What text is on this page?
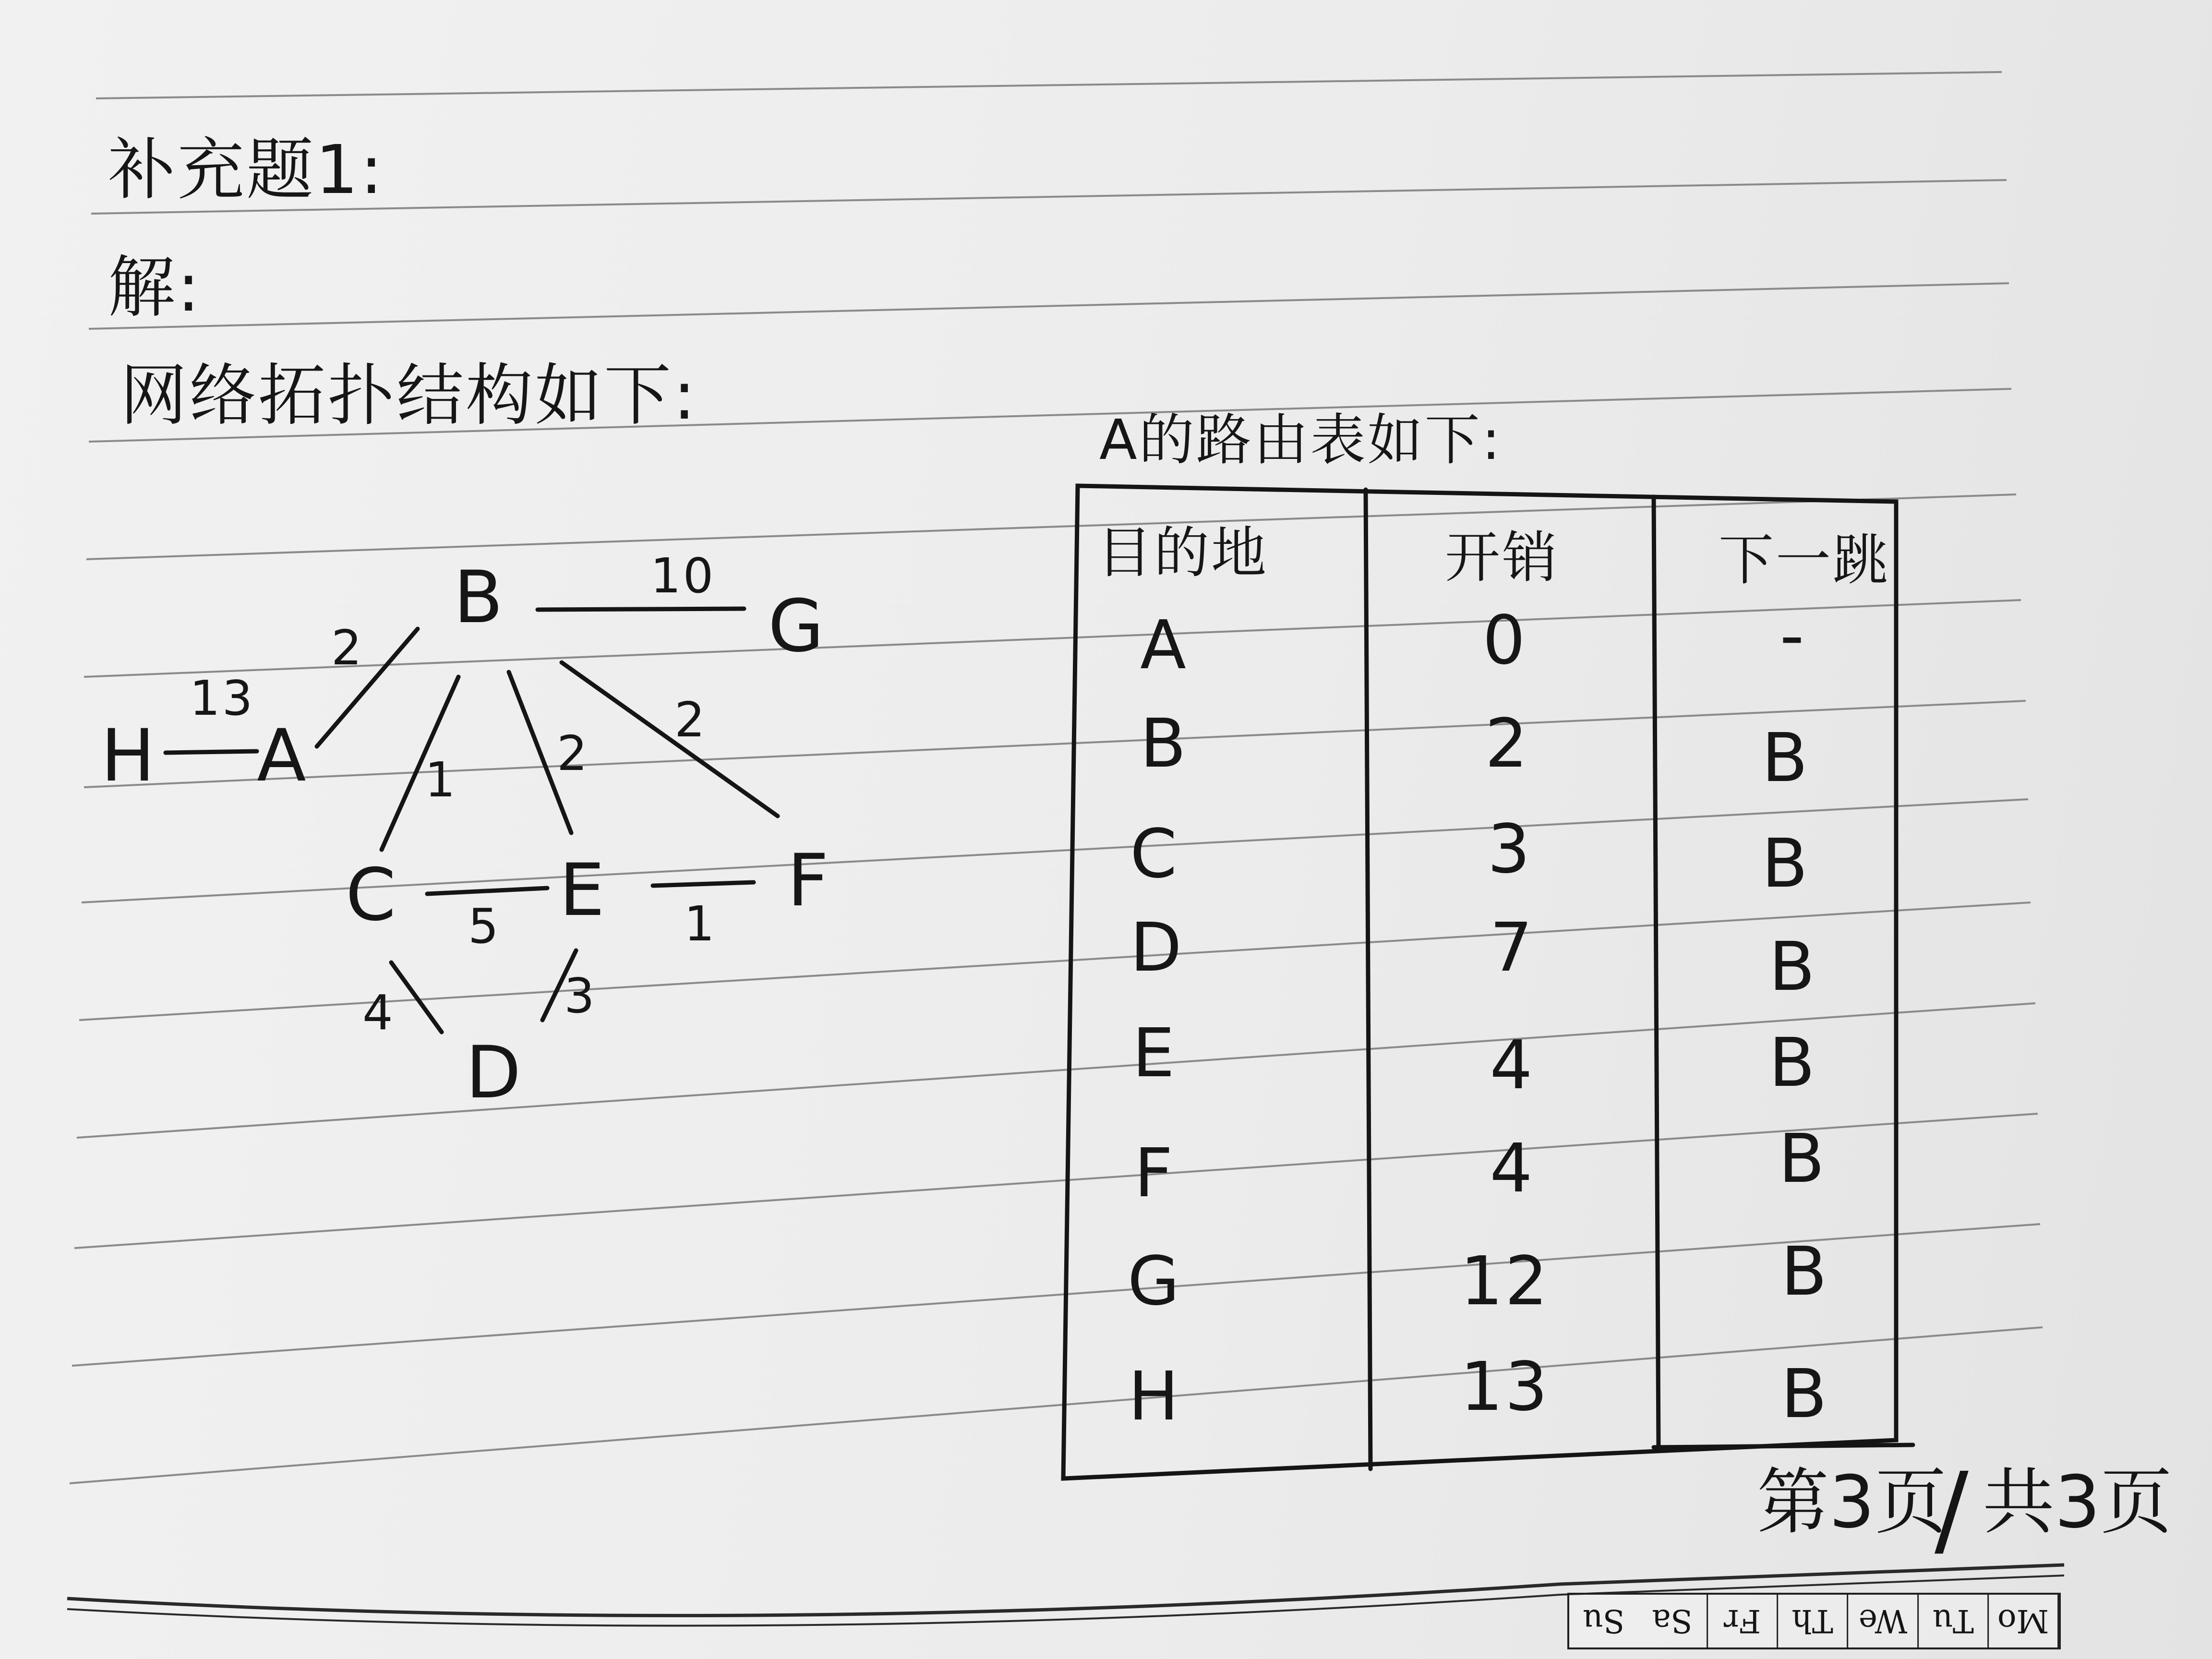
补充题1:
解:
网络拓扑结构如下:
A的路由表如下:
B	G
H A
C E	F
D
10
13
2
1 2
2
5	1
4	3
目的地	开销	下一跳
A	0	-
B	2	B
C	3	B
D	7	B
E	4	B
F	4	B
G	12	B
H	13	B
第3页
/ 共3页
Su Sa Fr Th We Tu Mo
